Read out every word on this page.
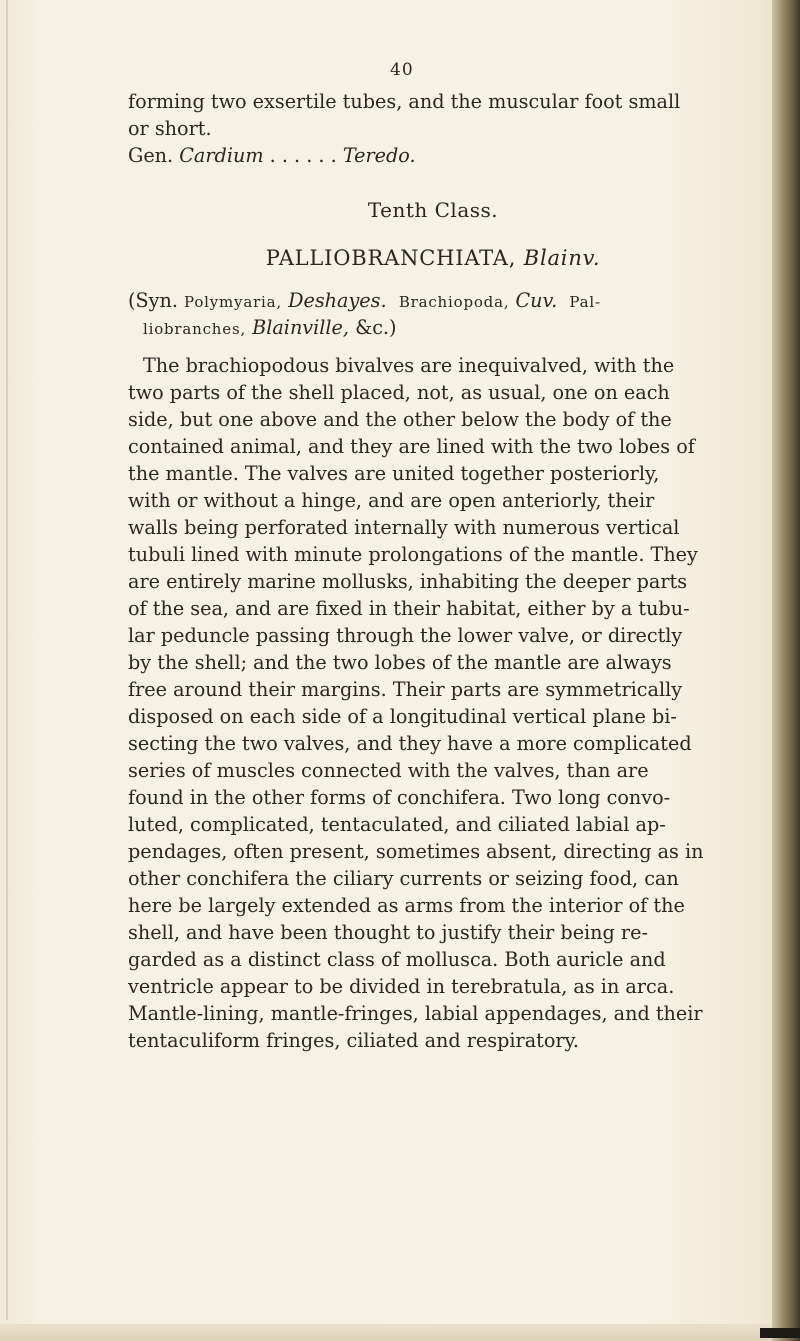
40
forming two exsertile tubes, and the muscular foot small
or short.
Gen. Cardium . . . . . . Teredo.
Tenth Class.
PALLIOBRANCHIATA, Blainv.
(Syn. Polymyaria, Deshayes. Brachiopoda, Cuv. Pal-
liobranches, Blainville, &c.)
The brachiopodous bivalves are inequivalved, with the
two parts of the shell placed, not, as usual, one on each
side, but one above and the other below the body of the
contained animal, and they are lined with the two lobes of
the mantle. The valves are united together posteriorly,
with or without a hinge, and are open anteriorly, their
walls being perforated internally with numerous vertical
tubuli lined with minute prolongations of the mantle. They
are entirely marine mollusks, inhabiting the deeper parts
of the sea, and are fixed in their habitat, either by a tubu-
lar peduncle passing through the lower valve, or directly
by the shell; and the two lobes of the mantle are always
free around their margins. Their parts are symmetrically
disposed on each side of a longitudinal vertical plane bi-
secting the two valves, and they have a more complicated
series of muscles connected with the valves, than are
found in the other forms of conchifera. Two long convo-
luted, complicated, tentaculated, and ciliated labial ap-
pendages, often present, sometimes absent, directing as in
other conchifera the ciliary currents or seizing food, can
here be largely extended as arms from the interior of the
shell, and have been thought to justify their being re-
garded as a distinct class of mollusca. Both auricle and
ventricle appear to be divided in terebratula, as in arca.
Mantle-lining, mantle-fringes, labial appendages, and their
tentaculiform fringes, ciliated and respiratory.
